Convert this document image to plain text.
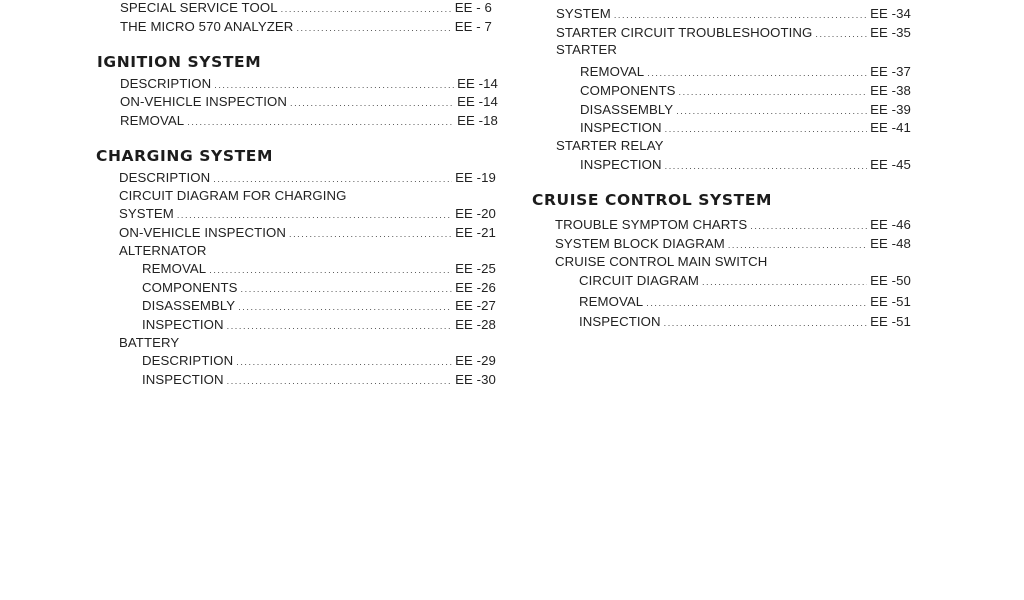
SPECIAL SERVICE TOOL .....	EE - 6
THE MICRO 570 ANALYZER .....	EE - 7
IGNITION SYSTEM
DESCRIPTION .....	EE -14
ON-VEHICLE INSPECTION .....	EE -14
REMOVAL .....	EE -18
CHARGING SYSTEM
DESCRIPTION .....	EE -19
CIRCUIT DIAGRAM FOR CHARGING
SYSTEM .....	EE -20
ON-VEHICLE INSPECTION .....	EE -21
ALTERNATOR
REMOVAL .....	EE -25
COMPONENTS .....	EE -26
DISASSEMBLY .....	EE -27
INSPECTION .....	EE -28
BATTERY
DESCRIPTION .....	EE -29
INSPECTION .....	EE -30
SYSTEM .....	EE -34
STARTER CIRCUIT TROUBLESHOOTING .....	EE -35
STARTER
REMOVAL .....	EE -37
COMPONENTS .....	EE -38
DISASSEMBLY .....	EE -39
INSPECTION .....	EE -41
STARTER RELAY
INSPECTION .....	EE -45
CRUISE CONTROL SYSTEM
TROUBLE SYMPTOM CHARTS .....	EE -46
SYSTEM BLOCK DIAGRAM .....	EE -48
CRUISE CONTROL MAIN SWITCH
CIRCUIT DIAGRAM .....	EE -50
REMOVAL .....	EE -51
INSPECTION .....	EE -51
